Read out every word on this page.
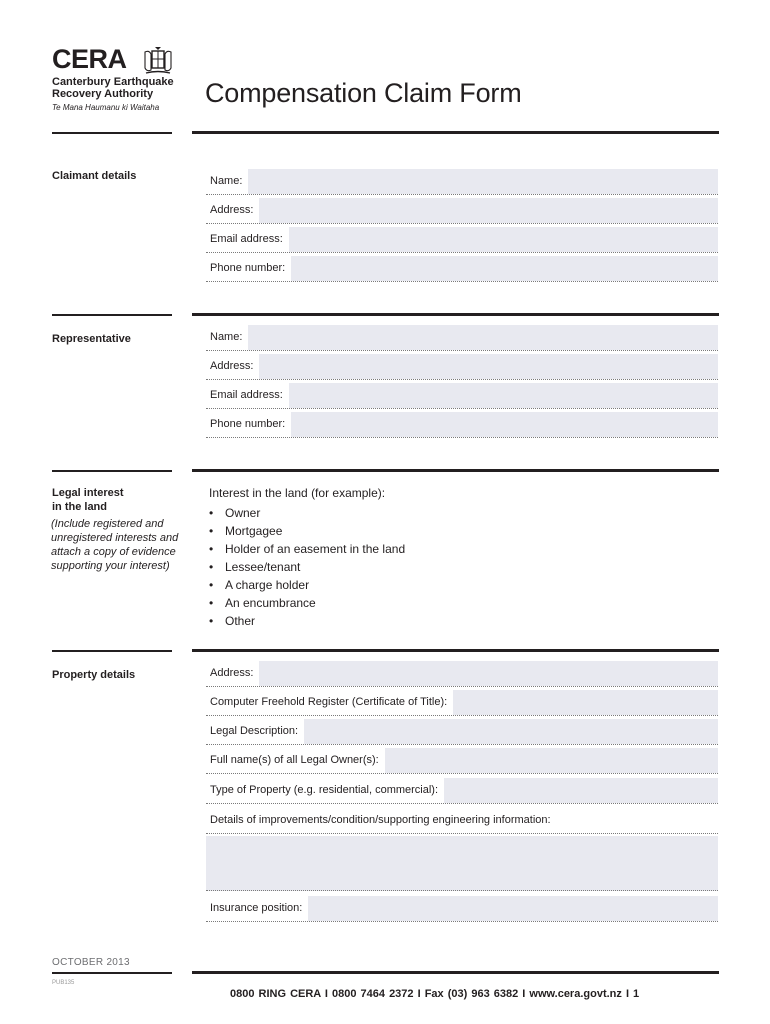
CERA
Canterbury Earthquake
Recovery Authority
Te Mana Haumanu ki Waitaha Compensation Claim Form
Claimant details	Name:
Address:
Email address:
Phone number:
Representative	Name:
Address:
Email address:
Phone number:
Legal interest
in the land
(Include registered and unregistered interests and attach a copy of evidence supporting your interest)
Interest in the land (for example):
• Owner
• Mortgagee
• Holder of an easement in the land
• Lessee/tenant
• A charge holder
• An encumbrance
• Other
Property details	Address:
Computer Freehold Register (Certificate of Title):
Legal Description:
Full name(s) of all Legal Owner(s):
Type of Property (e.g. residential, commercial):
Details of improvements/condition/supporting engineering information:
Insurance position:
OCTOBER 2013
PUB135
0800 RING CERA I 0800 7464 2372 I Fax (03) 963 6382 I www.cera.govt.nz I 1
